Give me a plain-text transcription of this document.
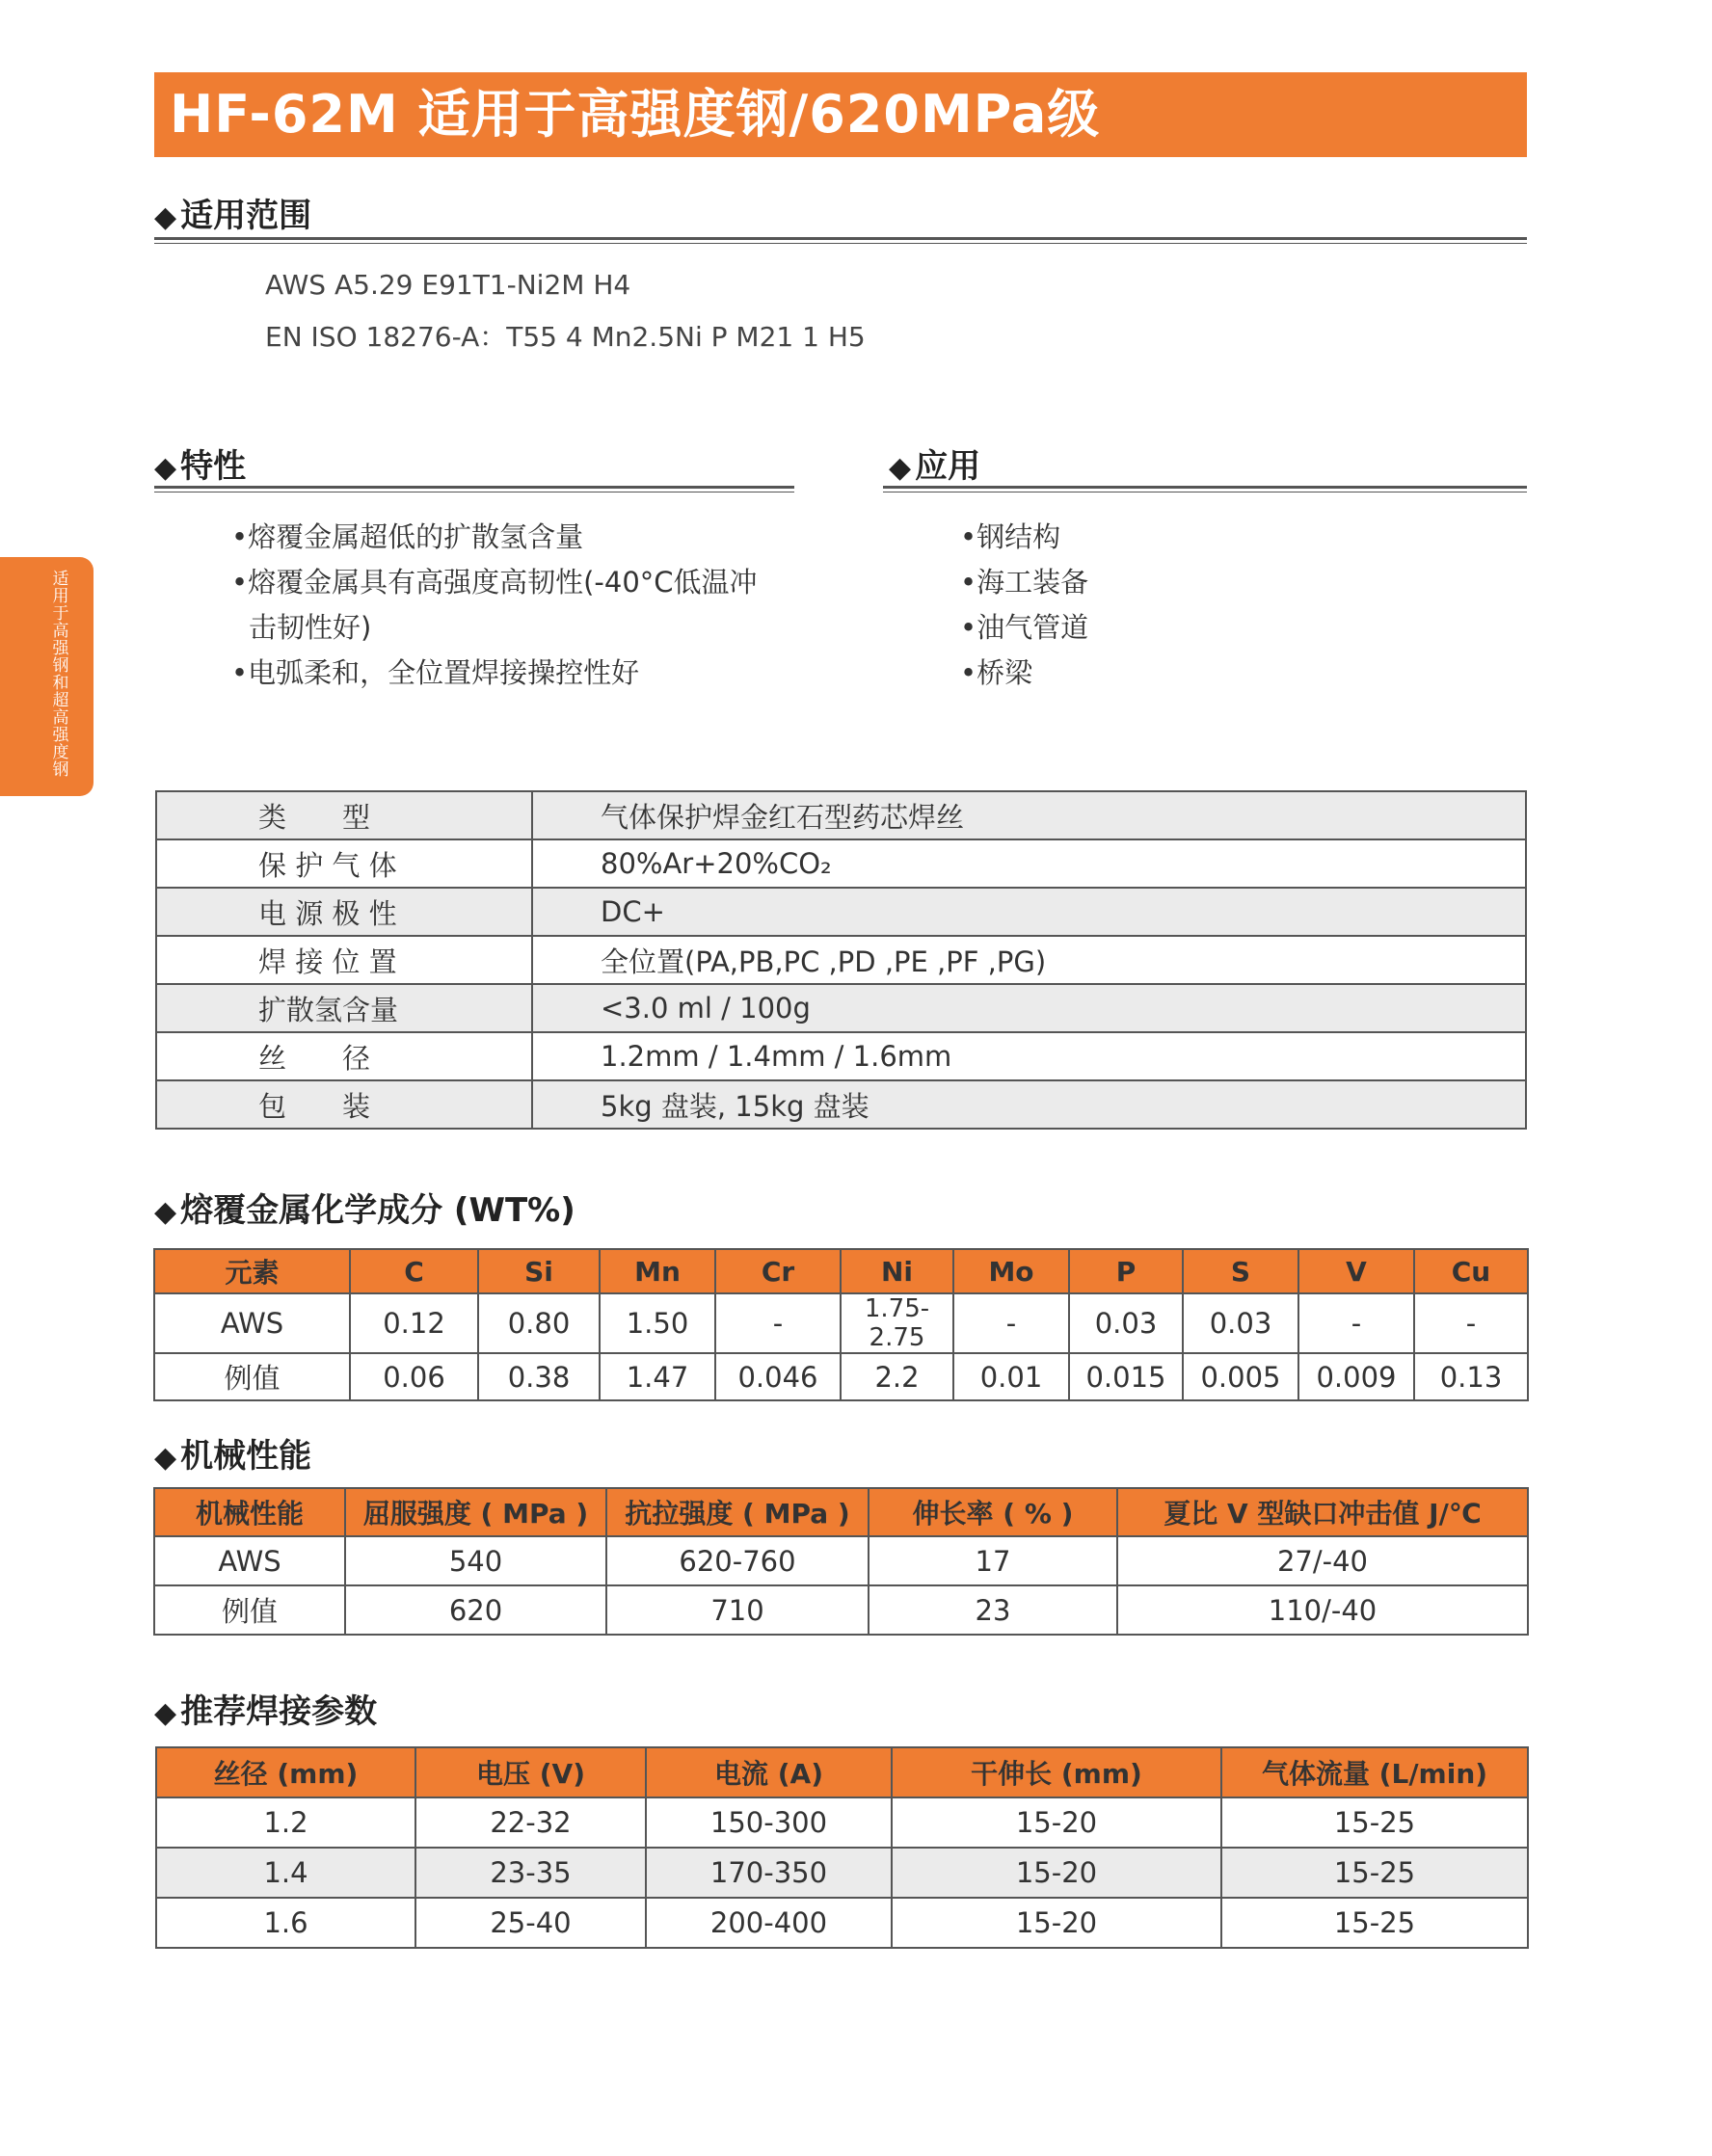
HF-62M 适用于高强度钢/620MPa级
适用于高强钢和超高强度钢
◆ 适用范围
AWS A5.29 E91T1-Ni2M H4
EN ISO 18276-A：T55 4 Mn2.5Ni P M21 1 H5
◆ 特性
•熔覆金属超低的扩散氢含量
•熔覆金属具有高强度高韧性(-40°C低温冲
击韧性好)
•电弧柔和，全位置焊接操控性好
◆ 应用
•钢结构
•海工装备
•油气管道
•桥梁
类　　型	气体保护焊金红石型药芯焊丝
保 护 气 体	80%Ar+20%CO₂
电 源 极 性	DC+
焊 接 位 置	全位置(PA,PB,PC ,PD ,PE ,PF ,PG)
扩散氢含量	<3.0 ml / 100g
丝　　径	1.2mm / 1.4mm / 1.6mm
包　　装	5kg 盘装, 15kg 盘装
◆ 熔覆金属化学成分 (WT%)
元素	C	Si	Mn	Cr	Ni	Mo	P	S	V	Cu
AWS	0.12	0.80	1.50	-	1.75-2.75	-	0.03	0.03	-	-
例值	0.06	0.38	1.47	0.046	2.2	0.01	0.015	0.005	0.009	0.13
◆ 机械性能
机械性能	屈服强度 ( MPa )	抗拉强度 ( MPa )	伸长率 ( % )	夏比 V 型缺口冲击值 J/℃
AWS	540	620-760	17	27/-40
例值	620	710	23	110/-40
◆ 推荐焊接参数
丝径 (mm)	电压 (V)	电流 (A)	干伸长 (mm)	气体流量 (L/min)
1.2	22-32	150-300	15-20	15-25
1.4	23-35	170-350	15-20	15-25
1.6	25-40	200-400	15-20	15-25
